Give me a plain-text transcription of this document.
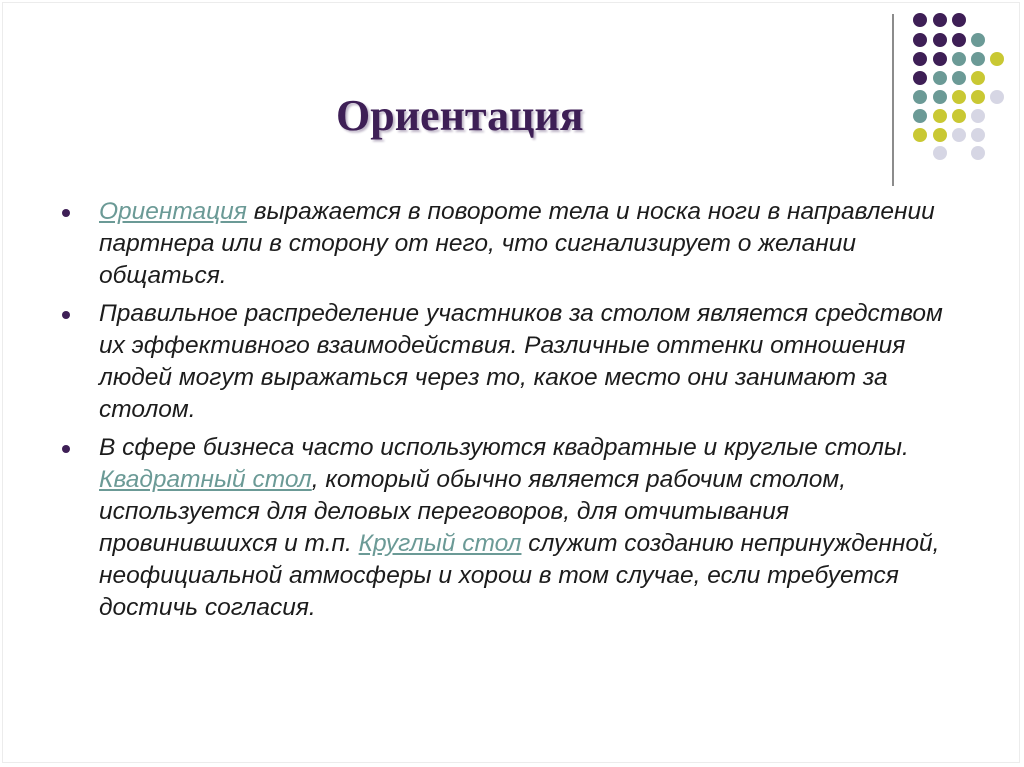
Ориентация
Ориентация выражается в повороте тела и носка ноги в направлении партнера или в сторону от него, что сигнализирует о желании общаться.
Правильное распределение участников за столом является средством их эффективного взаимодействия. Различные оттенки отношения людей могут выражаться через то, какое место они занимают за столом.
В сфере бизнеса часто используются квадратные и круглые столы. Квадратный стол, который обычно является рабочим столом, используется для деловых переговоров, для отчитывания провинившихся и т.п. Круглый стол служит созданию непринужденной, неофициальной атмосферы и хорош в том случае, если требуется достичь согласия.
